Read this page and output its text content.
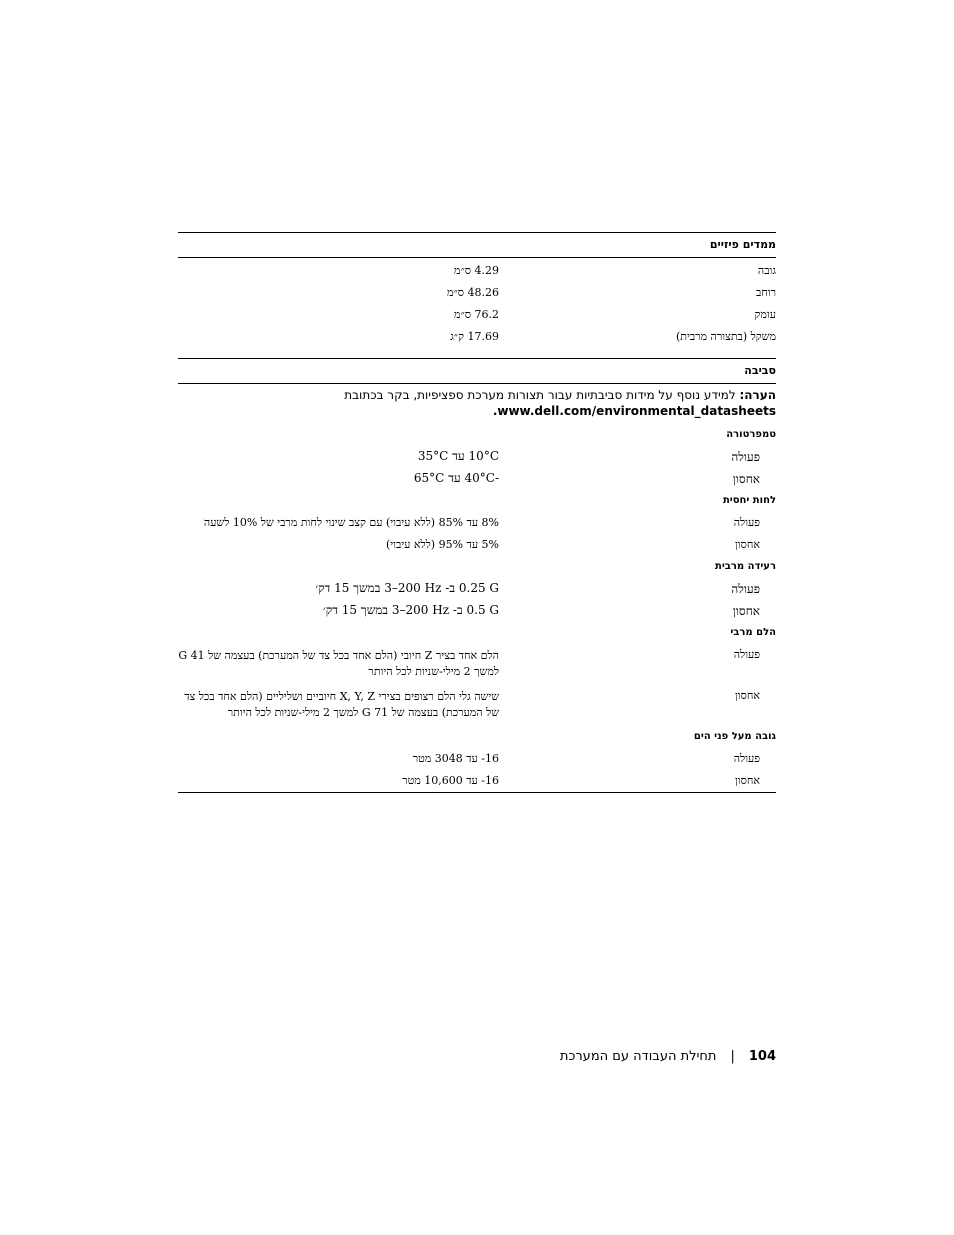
ממדים פיזיים
גובה
4.29 ס״מ
רוחב
48.26 ס״מ
עומק
76.2 ס״מ
משקל (בתצורה מרבית)
17.69 ק״ג
סביבה
הערה: למידע נוסף על מידות סביבתיות עבור תצורות מערכת ספציפיות, בקר בכתובת
www.dell.com/environmental_datasheets.
טמפרטורה
פעולה
10°C עד 35°C
אחסון
-40°C עד 65°C
לחות יחסית
פעולה
8% עד 85% (ללא עיבוי) עם קצב שינוי לחות מרבי של 10% לשעה
אחסון
5% עד 95% (ללא עיבוי)
רעידה מרבית
פעולה
‎0.25 G‏ ב- ‎3–200 Hz‏ במשך 15 דק׳
אחסון
‎0.5 G‏ ב- ‎3–200 Hz‏ במשך 15 דק׳
הלם מרבי
פעולה
הלם אחד בציר Z חיובי (הלם אחד בכל צד של המערכת) בעצמה של 41 G למשך 2 מילי-שניות לכל היותר
אחסון
שישה גלי הלם רצופים בצירי X, Y, Z חיוביים ושליליים (הלם אחד בכל צד של המערכת) בעצמה של 71 G למשך 2 מילי-שניות לכל היותר
גובה מעל פני הים
פעולה
‎-16‏ עד 3048 מטר
אחסון
‎-16‏ עד 10,600 מטר
104|תחילת העבודה עם המערכת
